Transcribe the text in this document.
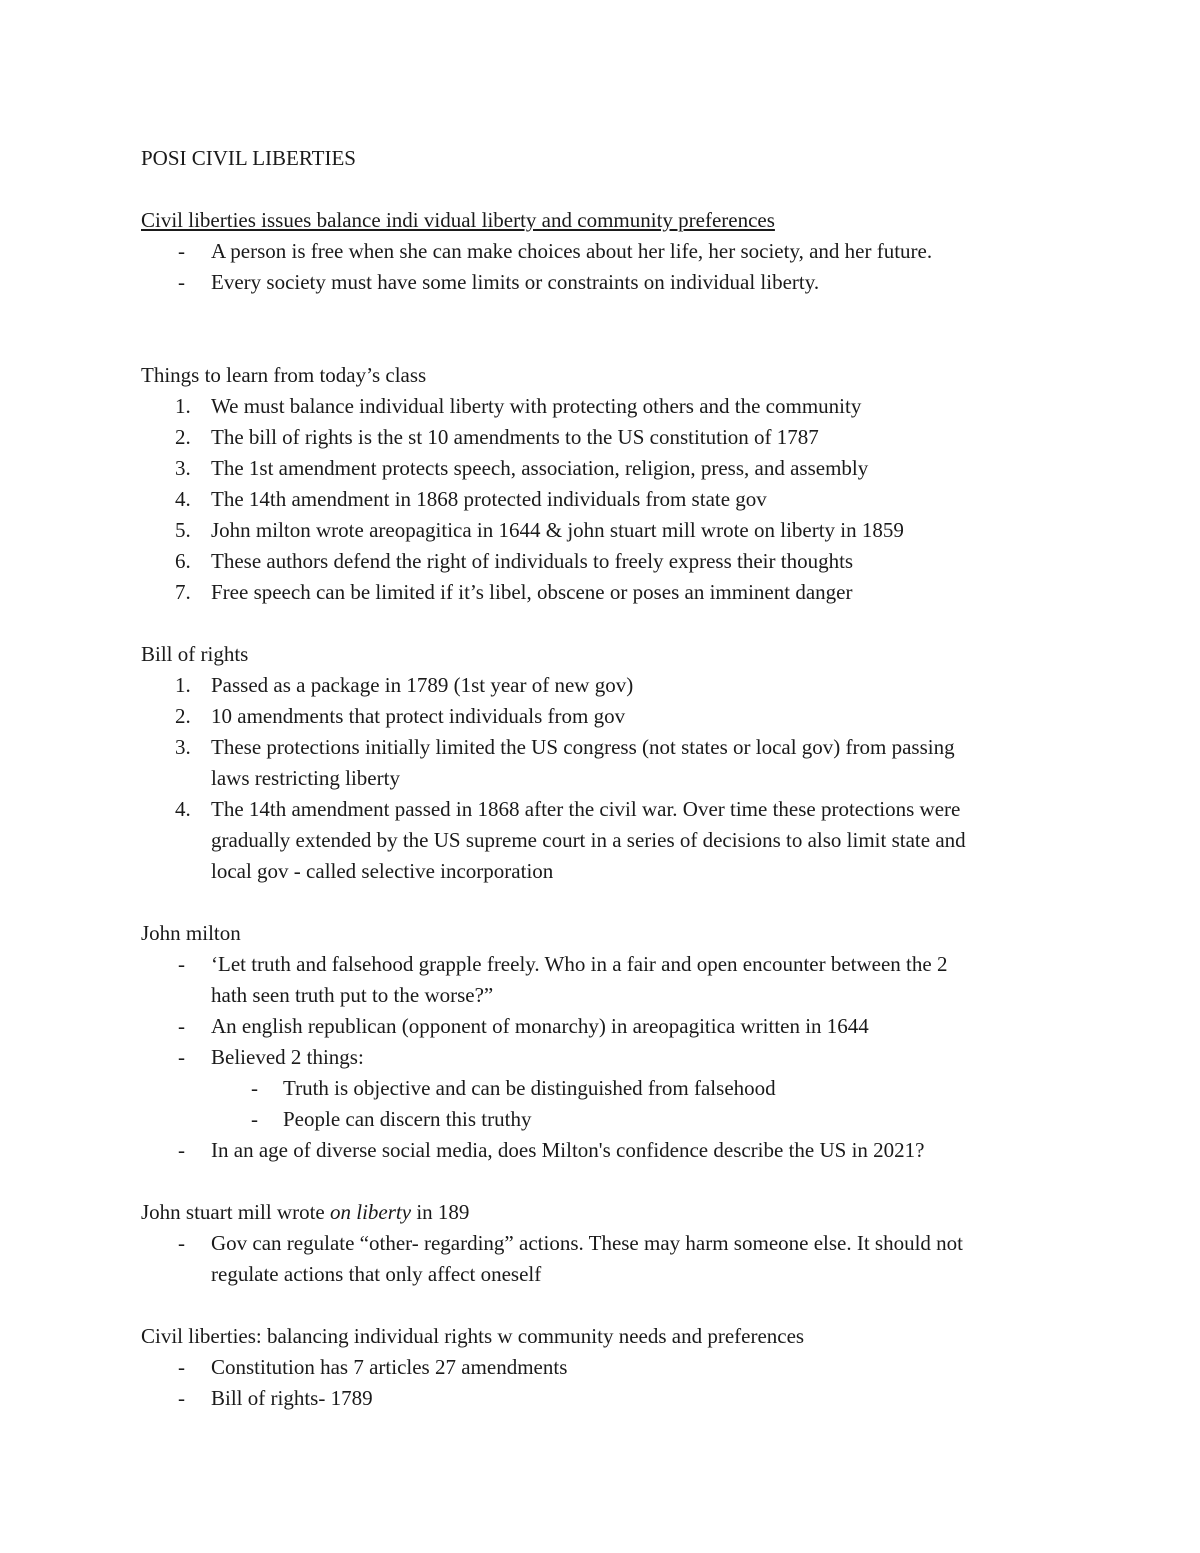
POSI CIVIL LIBERTIES
Civil liberties issues balance indi vidual liberty and community preferences
- A person is free when she can make choices about her life, her society, and her future.
- Every society must have some limits or constraints on individual liberty.
Things to learn from today’s class
1. We must balance individual liberty with protecting others and the community
2. The bill of rights is the st 10 amendments to the US constitution of 1787
3. The 1st amendment protects speech, association, religion, press, and assembly
4. The 14th amendment in 1868 protected individuals from state gov
5. John milton wrote areopagitica in 1644 & john stuart mill wrote on liberty in 1859
6. These authors defend the right of individuals to freely express their thoughts
7. Free speech can be limited if it’s libel, obscene or poses an imminent danger
Bill of rights
1. Passed as a package in 1789 (1st year of new gov)
2. 10 amendments that protect individuals from gov
3. These protections initially limited the US congress (not states or local gov) from passing
laws restricting liberty
4. The 14th amendment passed in 1868 after the civil war. Over time these protections were
gradually extended by the US supreme court in a series of decisions to also limit state and
local gov - called selective incorporation
John milton
- ‘Let truth and falsehood grapple freely. Who in a fair and open encounter between the 2
hath seen truth put to the worse?”
- An english republican (opponent of monarchy) in areopagitica written in 1644
- Believed 2 things:
- Truth is objective and can be distinguished from falsehood
- People can discern this truthy
- In an age of diverse social media, does Milton's confidence describe the US in 2021?
John stuart mill wrote on liberty in 189
- Gov can regulate “other- regarding” actions. These may harm someone else. It should not
regulate actions that only affect oneself
Civil liberties: balancing individual rights w community needs and preferences
- Constitution has 7 articles 27 amendments
- Bill of rights- 1789
